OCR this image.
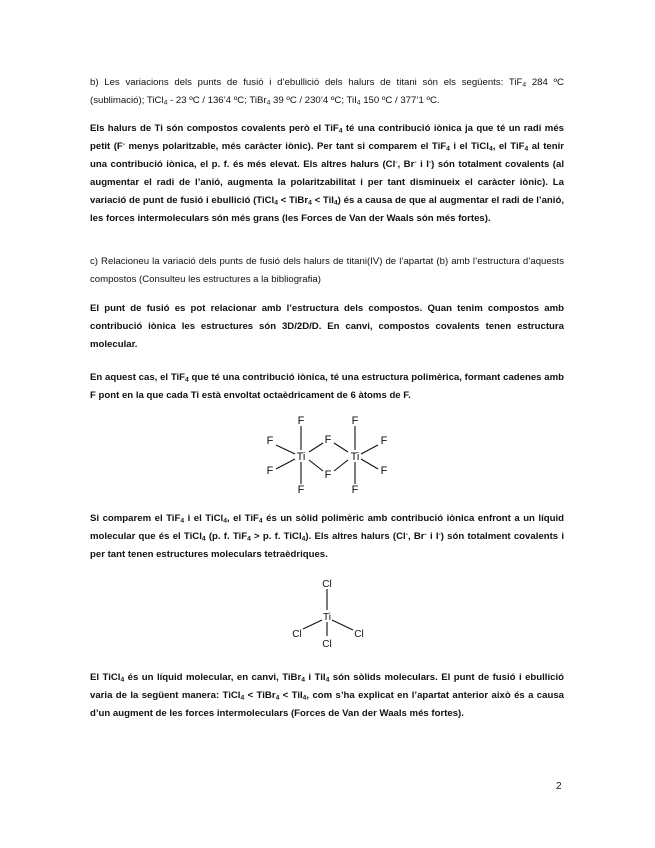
b) Les variacions dels punts de fusió i d’ebullició dels halurs de titani són els següents: TiF$_4$ 284 ºC (sublimació); TiCl$_4$ - 23 ºC / 136’4 ºC; TiBr$_4$ 39 ºC / 230’4 ºC; TiI$_4$ 150 ºC / 377’1 ºC.

Els halurs de Ti són compostos covalents però el TiF$_4$ té una contribució iònica ja que té un radi més petit (F- menys polaritzable, més caràcter iònic). Per tant si comparem el TiF$_4$ i el TiCl$_4$, el TiF$_4$ al tenir una contribució iònica, el p. f. és més elevat. Els altres halurs (Cl-, Br- i I-) són totalment covalents (al augmentar el radi de l’anió, augmenta la polaritzabilitat i per tant disminueix el caràcter iònic). La variació de punt de fusió i ebullició (TiCl$_4$ < TiBr$_4$ < TiI$_4$) és a causa de que al augmentar el radi de l’anió, les forces intermoleculars són més grans (les Forces de Van der Waals són més fortes).

c) Relacioneu la variació dels punts de fusió dels halurs de titani(IV) de l’apartat (b) amb l’estructura d’aquests compostos (Consulteu les estructures a la bibliografia)

El punt de fusió es pot relacionar amb l’estructura dels compostos. Quan tenim compostos amb contribució iònica les estructures són 3D/2D/D. En canvi, compostos covalents tenen estructura molecular.

En aquest cas, el TiF$_4$ que té una contribució iònica, té una estructura polimèrica, formant cadenes amb F pont en la que cada Ti està envoltat octaèdricament de 6 àtoms de F.

F
F
F
F
Ti
F
F
F
Ti
F
F
F

Si comparem el TiF$_4$ i el TiCl$_4$, el TiF$_4$ és un sòlid polimèric amb contribució iònica enfront a un líquid molecular que és el TiCl$_4$ (p. f. TiF$_4$ > p. f. TiCl$_4$). Els altres halurs (Cl-, Br- i I-) són totalment covalents i per tant tenen estructures moleculars tetraèdriques.

Cl
Ti
Cl	Cl
Cl

El TiCl$_4$ és un líquid molecular, en canvi, TiBr$_4$ i TiI$_4$ són sòlids moleculars. El punt de fusió i ebullició varia de la següent manera: TiCl$_4$ < TiBr$_4$ < TiI$_4$, com s’ha explicat en l’apartat anterior això és a causa d’un augment de les forces intermoleculars (Forces de Van der Waals més fortes).

2
